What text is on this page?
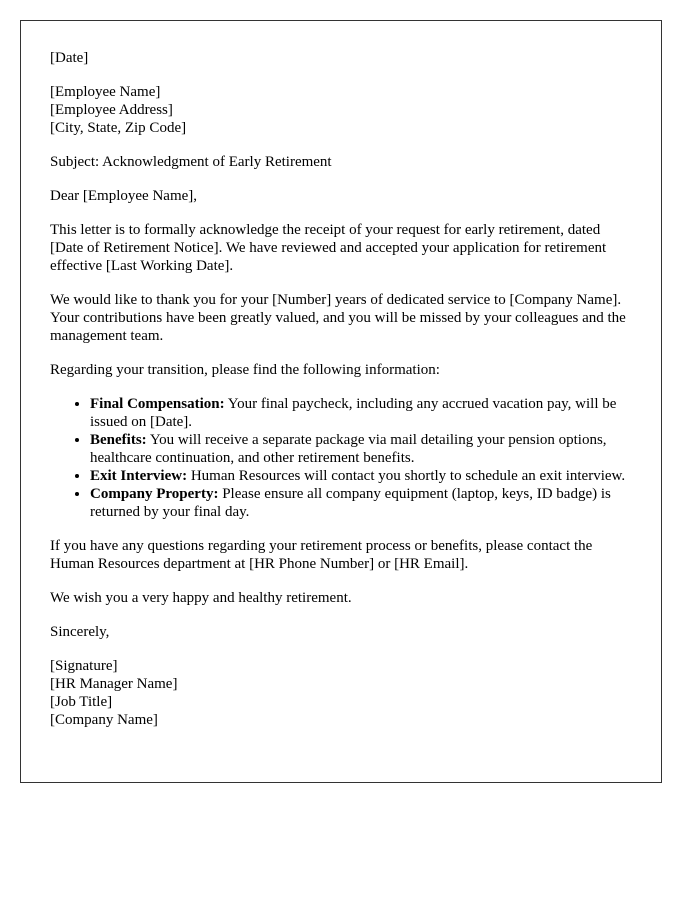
[Date]
[Employee Name]
[Employee Address]
[City, State, Zip Code]

Subject: Acknowledgment of Early Retirement

Dear [Employee Name],

This letter is to formally acknowledge the receipt of your request for early retirement, dated [Date of Retirement Notice]. We have reviewed and accepted your application for retirement effective [Last Working Date].

We would like to thank you for your [Number] years of dedicated service to [Company Name]. Your contributions have been greatly valued, and you will be missed by your colleagues and the management team.

Regarding your transition, please find the following information:

• Final Compensation: Your final paycheck, including any accrued vacation pay, will be issued on [Date].
• Benefits: You will receive a separate package via mail detailing your pension options, healthcare continuation, and other retirement benefits.
• Exit Interview: Human Resources will contact you shortly to schedule an exit interview.
• Company Property: Please ensure all company equipment (laptop, keys, ID badge) is returned by your final day.

If you have any questions regarding your retirement process or benefits, please contact the Human Resources department at [HR Phone Number] or [HR Email].

We wish you a very happy and healthy retirement.

Sincerely,

[Signature]
[HR Manager Name]
[Job Title]
[Company Name]
